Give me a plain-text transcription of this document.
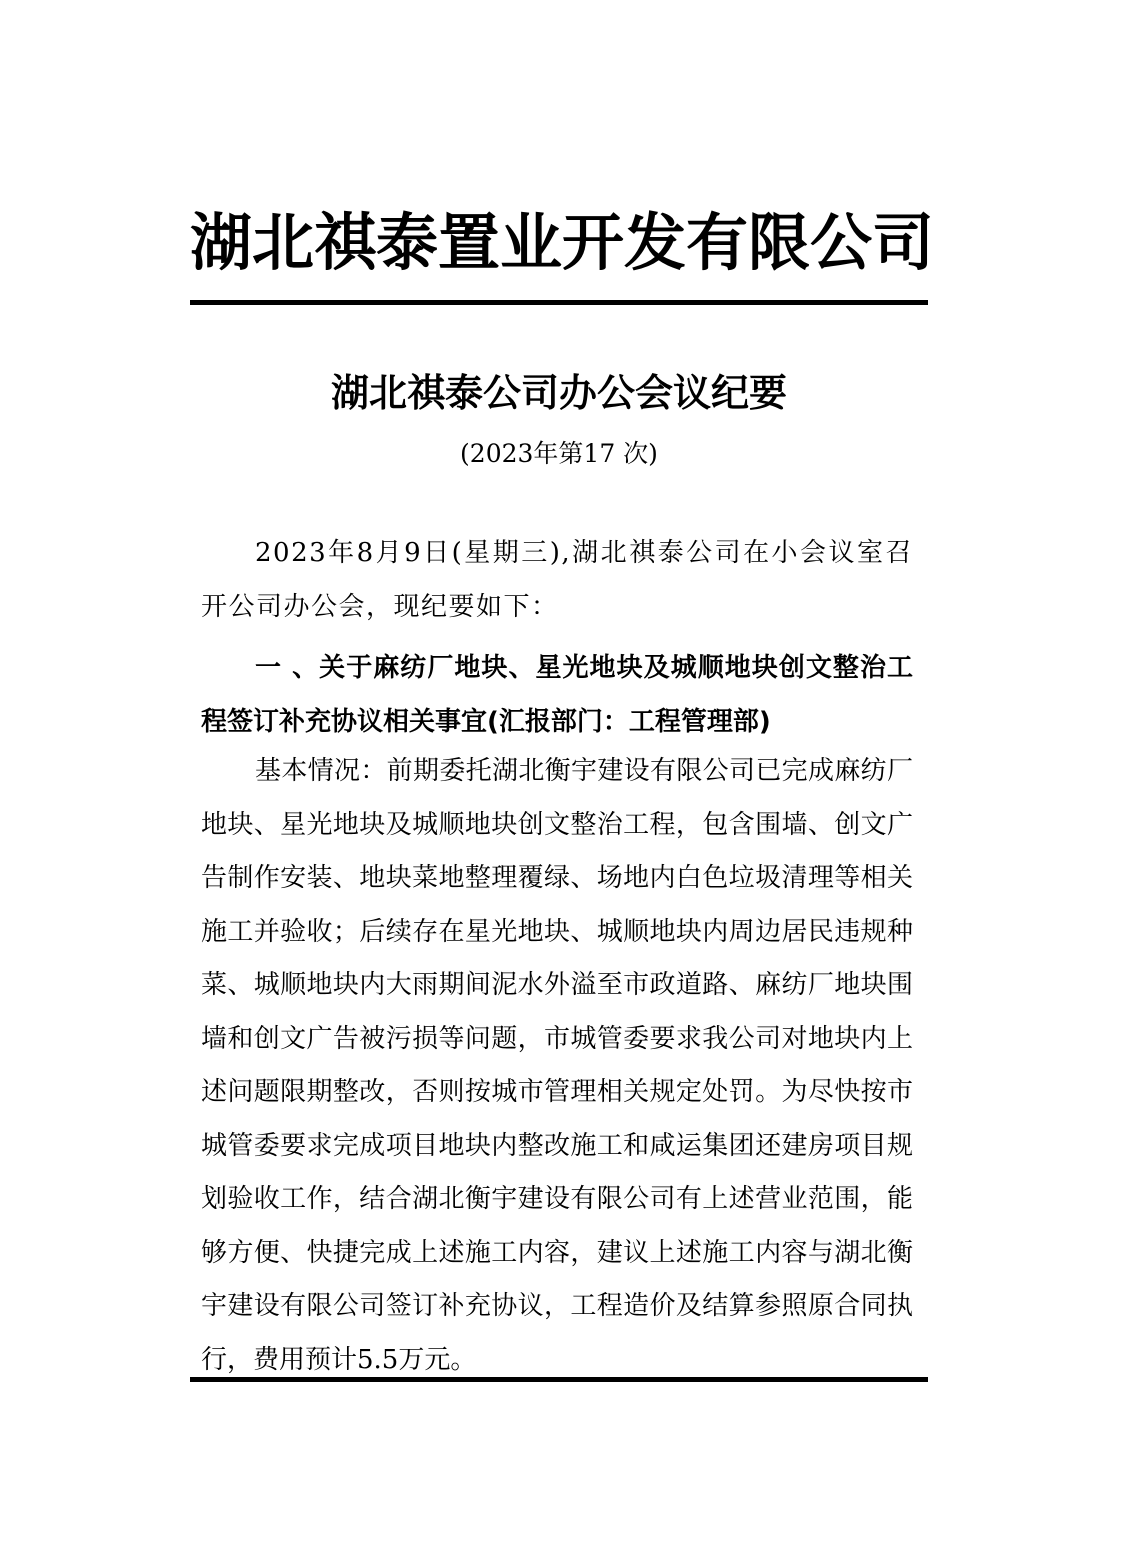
湖北祺泰置业开发有限公司
湖北祺泰公司办公会议纪要
(2023年第17 次)

2023年8月9日(星期三),湖北祺泰公司在小会议室召开公司办公会，现纪要如下：

一 、关于麻纺厂地块、星光地块及城顺地块创文整治工程签订补充协议相关事宜(汇报部门：工程管理部)

基本情况：前期委托湖北衡宇建设有限公司已完成麻纺厂地块、星光地块及城顺地块创文整治工程，包含围墙、创文广告制作安装、地块菜地整理覆绿、场地内白色垃圾清理等相关施工并验收；后续存在星光地块、城顺地块内周边居民违规种菜、城顺地块内大雨期间泥水外溢至市政道路、麻纺厂地块围墙和创文广告被污损等问题，市城管委要求我公司对地块内上述问题限期整改，否则按城市管理相关规定处罚。为尽快按市城管委要求完成项目地块内整改施工和咸运集团还建房项目规划验收工作，结合湖北衡宇建设有限公司有上述营业范围，能够方便、快捷完成上述施工内容，建议上述施工内容与湖北衡宇建设有限公司签订补充协议，工程造价及结算参照原合同执行，费用预计5.5万元。
